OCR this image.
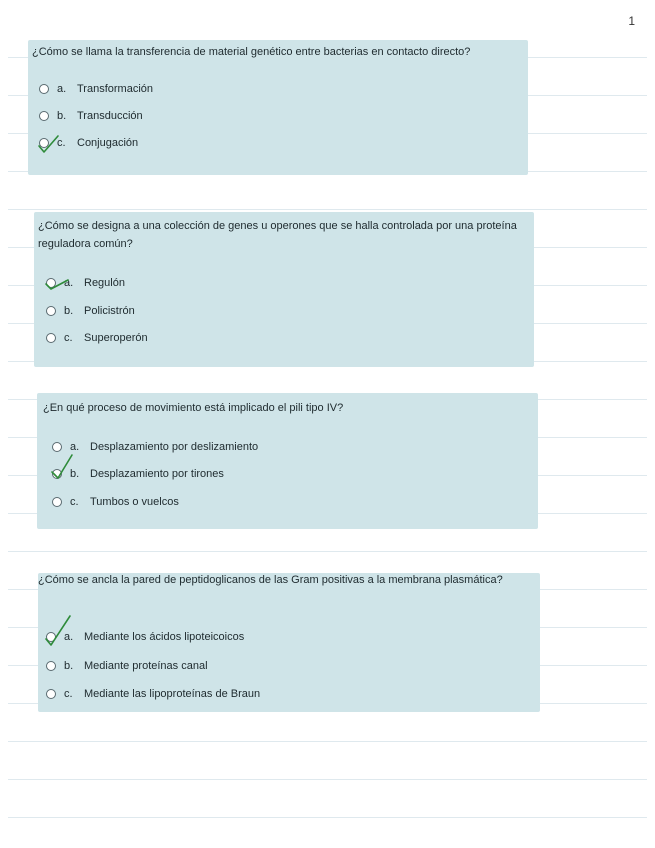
1

¿Cómo se llama la transferencia de material genético entre bacterias en contacto directo?

a. Transformación
b. Transducción
c.	Conjugación

¿Cómo se designa a una colección de genes u operones que se halla controlada por una proteína reguladora común?

a. Regulón
b. Policistrón
c.	Superoperón

¿En qué proceso de movimiento está implicado el pili tipo IV?

a. Desplazamiento por deslizamiento
b. Desplazamiento por tirones
c.	Tumbos o vuelcos

¿Cómo se ancla la pared de peptidoglicanos de las Gram positivas a la membrana plasmática?

a. Mediante los ácidos lipoteicoicos
b. Mediante proteínas canal
c.	Mediante las lipoproteínas de Braun
